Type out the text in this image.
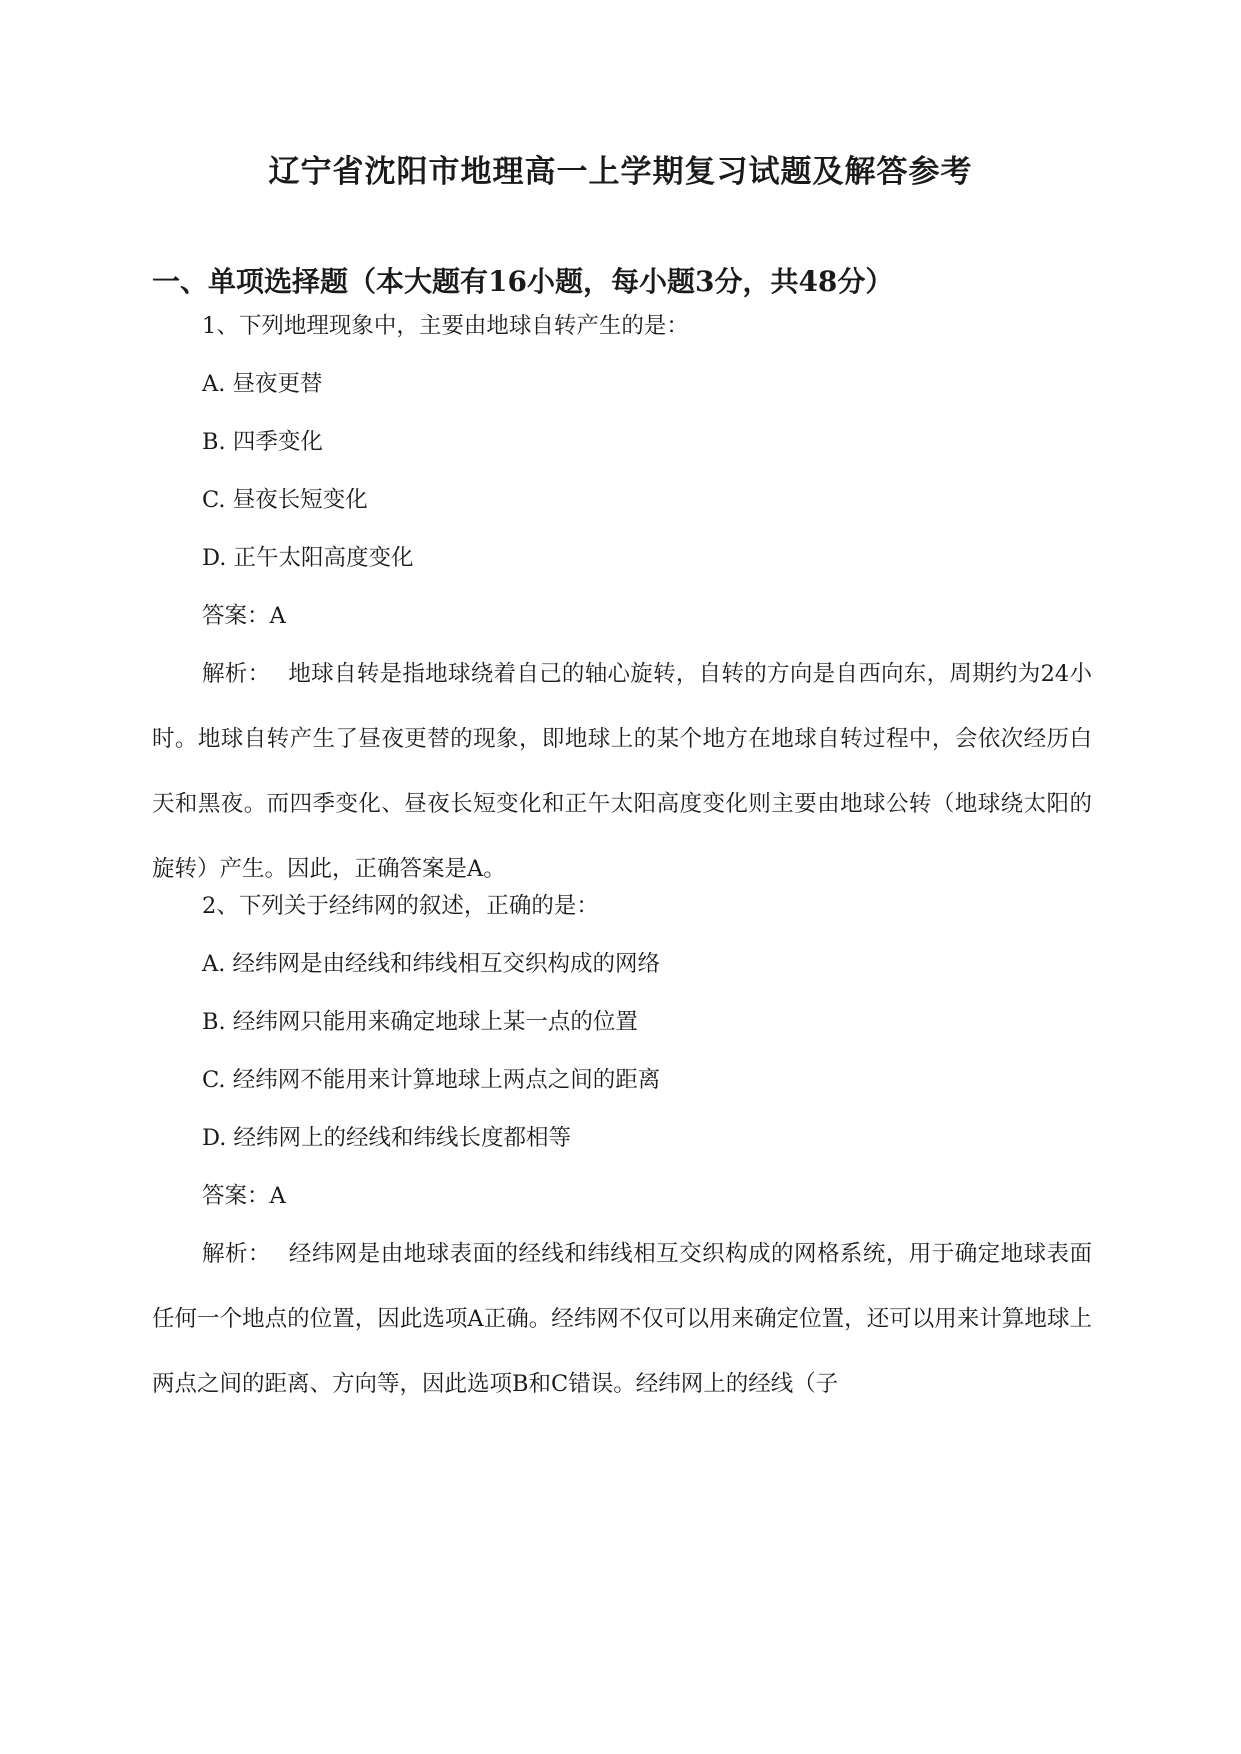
辽宁省沈阳市地理高一上学期复习试题及解答参考
一、单项选择题（本大题有16小题，每小题3分，共48分）
1、下列地理现象中，主要由地球自转产生的是：
A. 昼夜更替
B. 四季变化
C. 昼夜长短变化
D. 正午太阳高度变化
答案：A
解析： 地球自转是指地球绕着自己的轴心旋转，自转的方向是自西向东，周期约为24小时。地球自转产生了昼夜更替的现象，即地球上的某个地方在地球自转过程中，会依次经历白天和黑夜。而四季变化、昼夜长短变化和正午太阳高度变化则主要由地球公转（地球绕太阳的旋转）产生。因此，正确答案是A。
2、下列关于经纬网的叙述，正确的是：
A. 经纬网是由经线和纬线相互交织构成的网络
B. 经纬网只能用来确定地球上某一点的位置
C. 经纬网不能用来计算地球上两点之间的距离
D. 经纬网上的经线和纬线长度都相等
答案：A
解析： 经纬网是由地球表面的经线和纬线相互交织构成的网格系统，用于确定地球表面任何一个地点的位置，因此选项A正确。经纬网不仅可以用来确定位置，还可以用来计算地球上两点之间的距离、方向等，因此选项B和C错误。经纬网上的经线（子
